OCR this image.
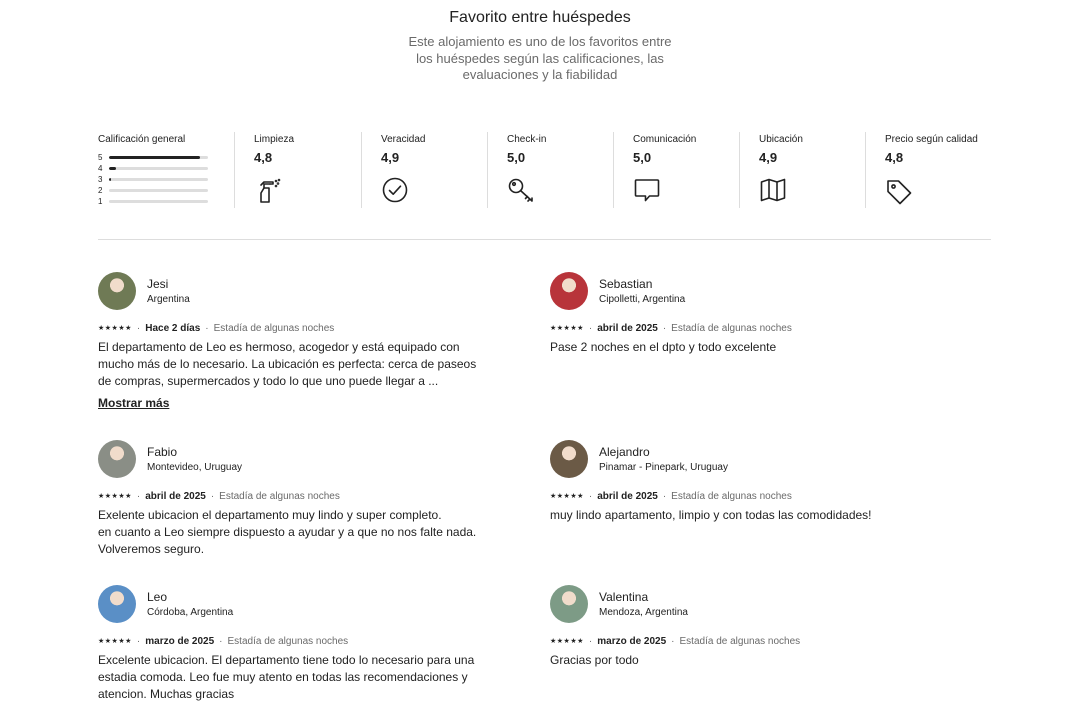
Favorito entre huéspedes
Este alojamiento es uno de los favoritos entre los huéspedes según las calificaciones, las evaluaciones y la fiabilidad
Calificación general
5
4
3
2
1
Limpieza
4,8
Veracidad
4,9
Check-in
5,0
Comunicación
5,0
Ubicación
4,9
Precio según calidad
4,8
Jesi
Argentina
★★★★★ · Hace 2 días · Estadía de algunas noches
El departamento de Leo es hermoso, acogedor y está equipado con mucho más de lo necesario. La ubicación es perfecta: cerca de paseos de compras, supermercados y todo lo que uno puede llegar a ...
Mostrar más
Sebastian
Cipolletti, Argentina
★★★★★ · abril de 2025 · Estadía de algunas noches
Pase 2 noches en el dpto y todo excelente
Fabio
Montevideo, Uruguay
★★★★★ · abril de 2025 · Estadía de algunas noches
Exelente ubicacion el departamento muy lindo y super completo.
en cuanto a Leo siempre dispuesto a ayudar y a que no nos falte nada.
Volveremos seguro.
Alejandro
Pinamar - Pinepark, Uruguay
★★★★★ · abril de 2025 · Estadía de algunas noches
muy lindo apartamento, limpio y con todas las comodidades!
Leo
Córdoba, Argentina
★★★★★ · marzo de 2025 · Estadía de algunas noches
Excelente ubicacion. El departamento tiene todo lo necesario para una estadia comoda. Leo fue muy atento en todas las recomendaciones y atencion. Muchas gracias
Valentina
Mendoza, Argentina
★★★★★ · marzo de 2025 · Estadía de algunas noches
Gracias por todo
